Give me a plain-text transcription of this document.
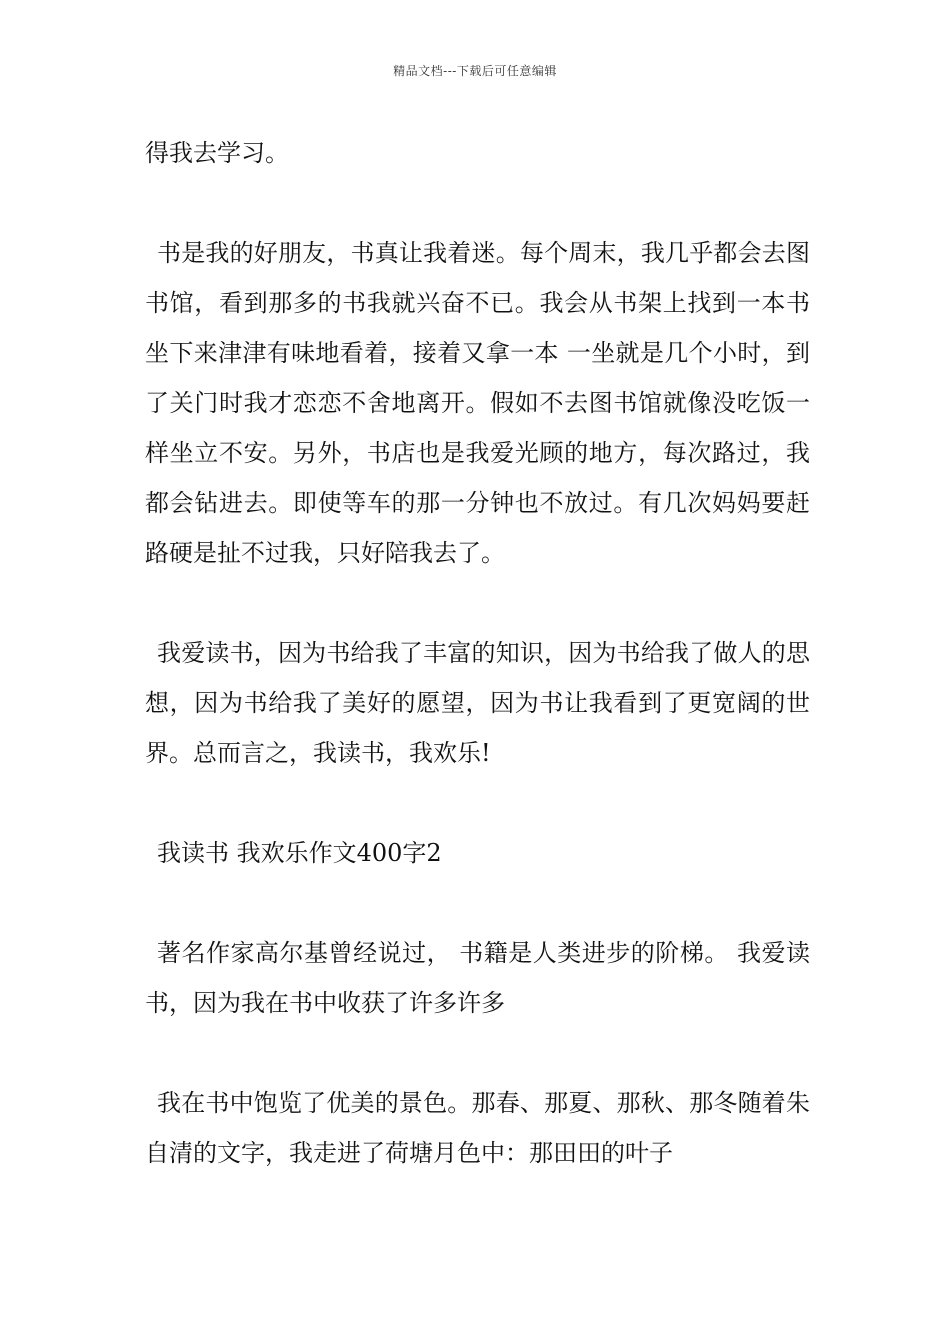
精品文档---下载后可任意编辑

得我去学习。

书是我的好朋友，书真让我着迷。每个周末，我几乎都会去图书馆，看到那多的书我就兴奋不已。我会从书架上找到一本书坐下来津津有味地看着，接着又拿一本 一坐就是几个小时，到了关门时我才恋恋不舍地离开。假如不去图书馆就像没吃饭一样坐立不安。另外，书店也是我爱光顾的地方，每次路过，我都会钻进去。即使等车的那一分钟也不放过。有几次妈妈要赶路硬是扯不过我，只好陪我去了。

我爱读书，因为书给我了丰富的知识，因为书给我了做人的思想，因为书给我了美好的愿望，因为书让我看到了更宽阔的世界。总而言之，我读书，我欢乐!

我读书 我欢乐作文400字2

著名作家高尔基曾经说过， 书籍是人类进步的阶梯。 我爱读书，因为我在书中收获了许多许多

我在书中饱览了优美的景色。那春、那夏、那秋、那冬随着朱自清的文字，我走进了荷塘月色中：那田田的叶子
